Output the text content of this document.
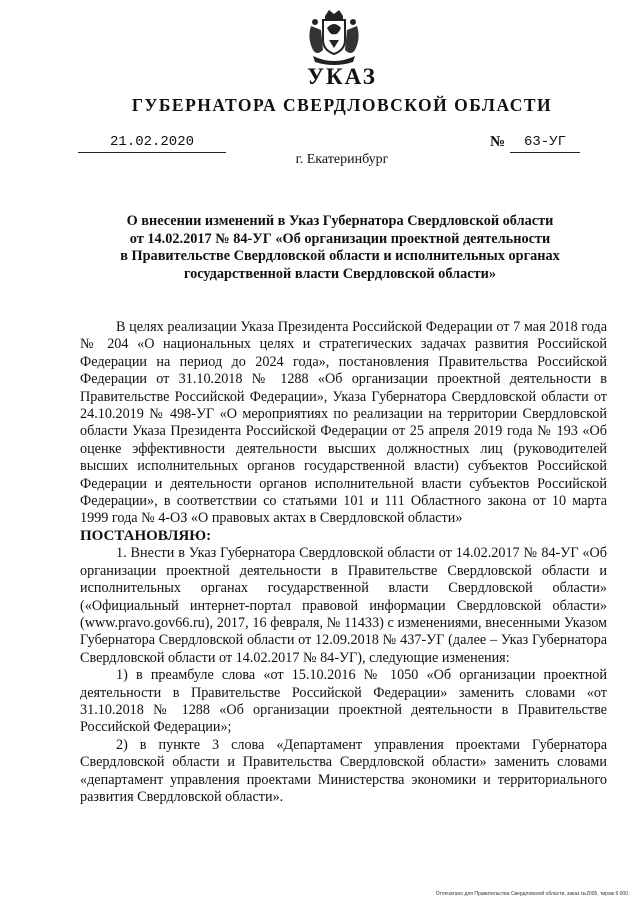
УКАЗ
ГУБЕРНАТОРА СВЕРДЛОВСКОЙ ОБЛАСТИ
21.02.2020	№	63-УГ
г. Екатеринбург
О внесении изменений в Указ Губернатора Свердловской области
от 14.02.2017 № 84-УГ «Об организации проектной деятельности
в Правительстве Свердловской области и исполнительных органах
государственной власти Свердловской области»

В целях реализации Указа Президента Российской Федерации от 7 мая 2018 года № 204 «О национальных целях и стратегических задачах развития Российской Федерации на период до 2024 года», постановления Правительства Российской Федерации от 31.10.2018 № 1288 «Об организации проектной деятельности в Правительстве Российской Федерации», Указа Губернатора Свердловской области от 24.10.2019 № 498-УГ «О мероприятиях по реализации на территории Свердловской области Указа Президента Российской Федерации от 25 апреля 2019 года № 193 «Об оценке эффективности деятельности высших должностных лиц (руководителей высших исполнительных органов государственной власти) субъектов Российской Федерации и деятельности органов исполнительной власти субъектов Российской Федерации», в соответствии со статьями 101 и 111 Областного закона от 10 марта 1999 года № 4-ОЗ «О правовых актах в Свердловской области»

ПОСТАНОВЛЯЮ:

1. Внести в Указ Губернатора Свердловской области от 14.02.2017 № 84-УГ «Об организации проектной деятельности в Правительстве Свердловской области и исполнительных органах государственной власти Свердловской области» («Официальный интернет-портал правовой информации Свердловской области» (www.pravo.gov66.ru), 2017, 16 февраля, № 11433) с изменениями, внесенными Указом Губернатора Свердловской области от 12.09.2018 № 437-УГ (далее – Указ Губернатора Свердловской области от 14.02.2017 № 84-УГ), следующие изменения:

1) в преамбуле слова «от 15.10.2016 № 1050 «Об организации проектной деятельности в Правительстве Российской Федерации» заменить словами «от 31.10.2018 № 1288 «Об организации проектной деятельности в Правительстве Российской Федерации»;

2) в пункте 3 слова «Департамент управления проектами Губернатора Свердловской области и Правительства Свердловской области» заменить словами «департамент управления проектами Министерства экономики и территориального развития Свердловской области».

Отпечатано для Правительства Свердловской области, заказ №2005, тираж 6 000
